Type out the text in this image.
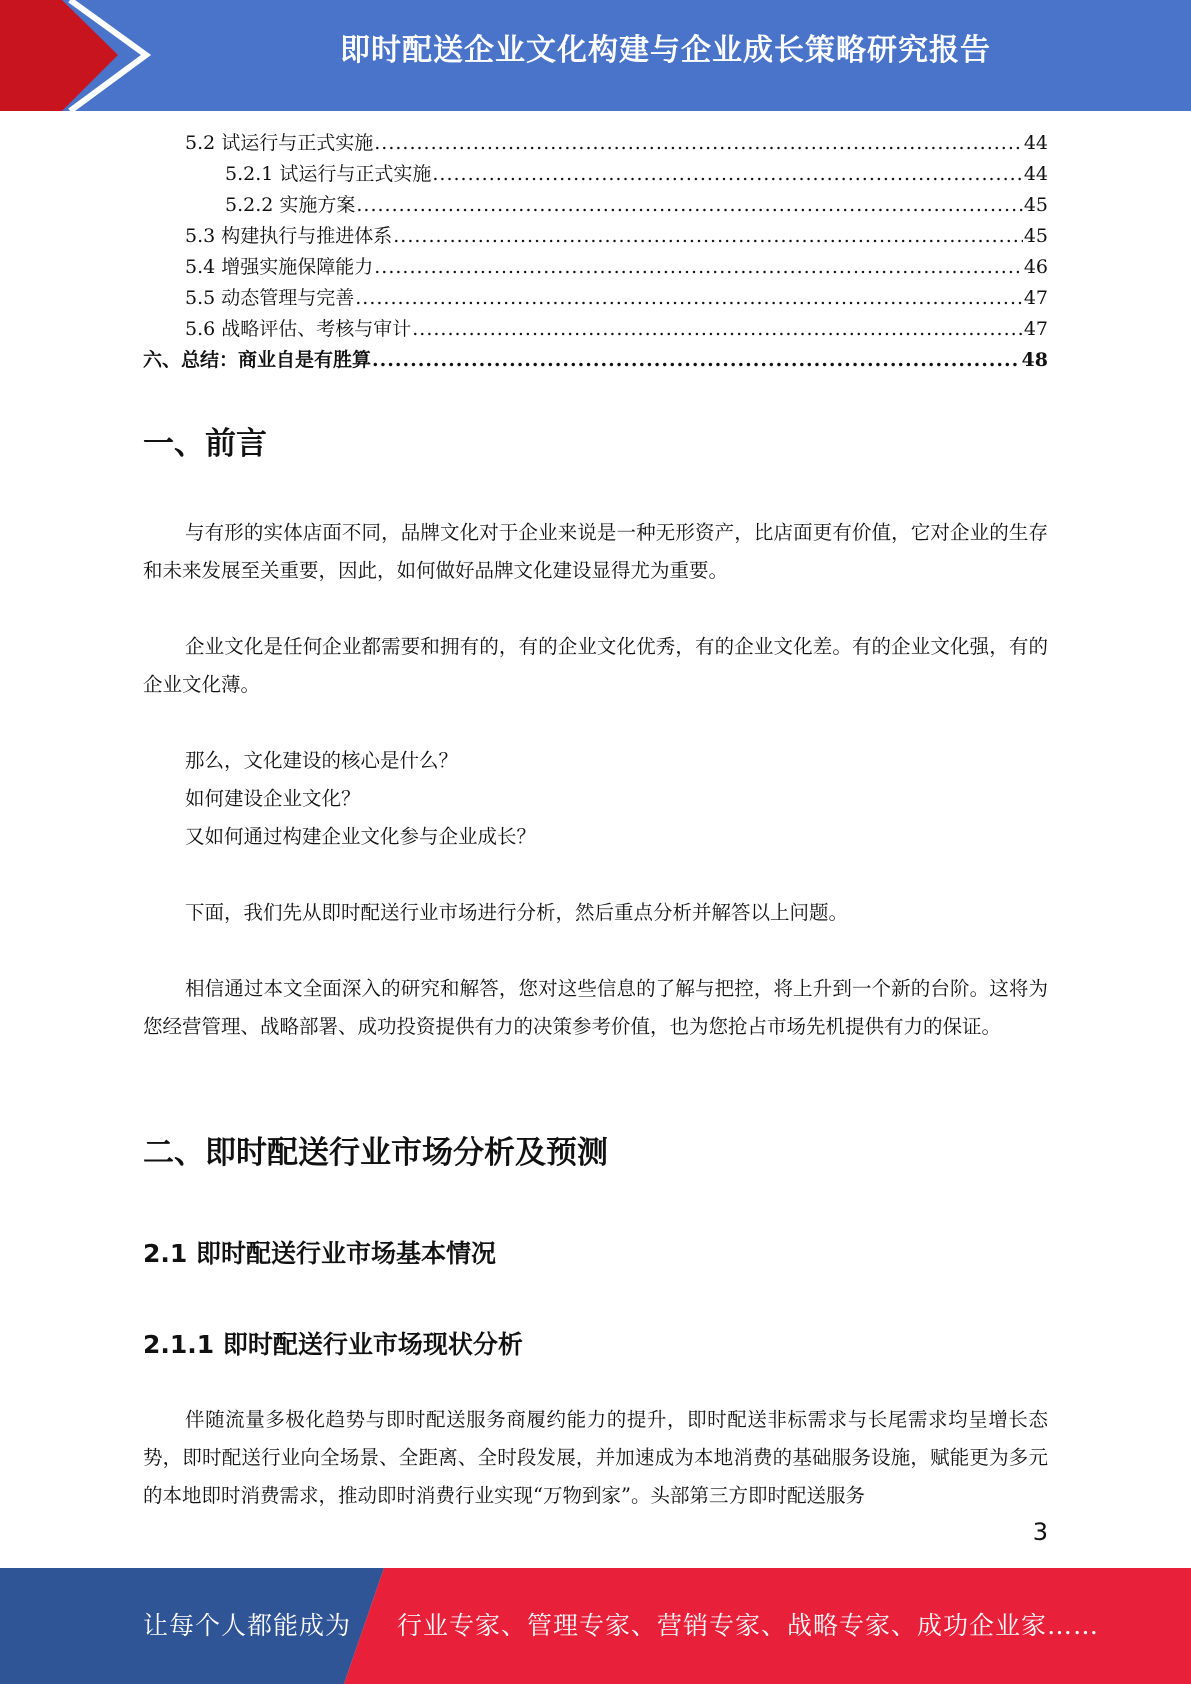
即时配送企业文化构建与企业成长策略研究报告
5.2 试运行与正式实施 .....	44
5.2.1 试运行与正式实施 .....	44
5.2.2 实施方案 .....	45
5.3 构建执行与推进体系 .....	45
5.4 增强实施保障能力 .....	46
5.5 动态管理与完善 .....	47
5.6 战略评估、考核与审计 .....	47
六、总结：商业自是有胜算 .....	48
一、前言

与有形的实体店面不同，品牌文化对于企业来说是一种无形资产，比店面更有价值，它对企业的生存和未来发展至关重要，因此，如何做好品牌文化建设显得尤为重要。

企业文化是任何企业都需要和拥有的，有的企业文化优秀，有的企业文化差。有的企业文化强，有的企业文化薄。

那么，文化建设的核心是什么？

如何建设企业文化？

又如何通过构建企业文化参与企业成长？

下面，我们先从即时配送行业市场进行分析，然后重点分析并解答以上问题。

相信通过本文全面深入的研究和解答，您对这些信息的了解与把控，将上升到一个新的台阶。这将为您经营管理、战略部署、成功投资提供有力的决策参考价值，也为您抢占市场先机提供有力的保证。

二、即时配送行业市场分析及预测
2.1 即时配送行业市场基本情况
2.1.1 即时配送行业市场现状分析

伴随流量多极化趋势与即时配送服务商履约能力的提升，即时配送非标需求与长尾需求均呈增长态势，即时配送行业向全场景、全距离、全时段发展，并加速成为本地消费的基础服务设施，赋能更为多元的本地即时消费需求，推动即时消费行业实现“万物到家”。头部第三方即时配送服务

3
让每个人都能成为 行业专家、管理专家、营销专家、战略专家、成功企业家……
